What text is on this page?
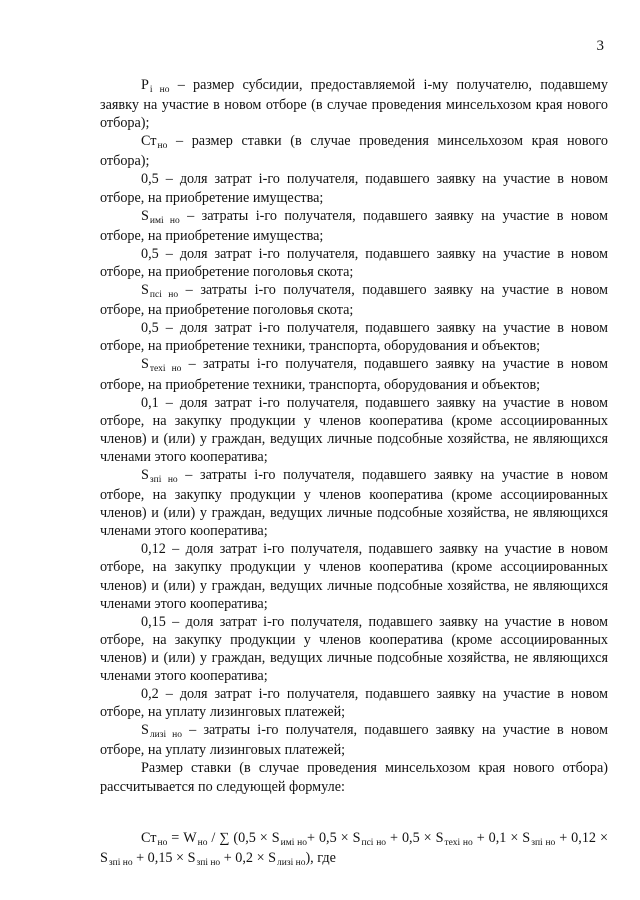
3

$P_{i но}$ – размер субсидии, предоставляемой i-му получателю, подавшему заявку на участие в новом отборе (в случае проведения минсельхозом края нового отбора);

$Ст_{но}$ – размер ставки (в случае проведения минсельхозом края нового отбора);

0,5 – доля затрат i-го получателя, подавшего заявку на участие в новом отборе, на приобретение имущества;

$S_{имі но}$ – затраты i-го получателя, подавшего заявку на участие в новом отборе, на приобретение имущества;

0,5 – доля затрат i-го получателя, подавшего заявку на участие в новом отборе, на приобретение поголовья скота;

$S_{псі но}$ – затраты i-го получателя, подавшего заявку на участие в новом отборе, на приобретение поголовья скота;

0,5 – доля затрат i-го получателя, подавшего заявку на участие в новом отборе, на приобретение техники, транспорта, оборудования и объектов;

$S_{техі но}$ – затраты i-го получателя, подавшего заявку на участие в новом отборе, на приобретение техники, транспорта, оборудования и объектов;

0,1 – доля затрат i-го получателя, подавшего заявку на участие в новом отборе, на закупку продукции у членов кооператива (кроме ассоциированных членов) и (или) у граждан, ведущих личные подсобные хозяйства, не являющихся членами этого кооператива;

$S_{зпі но}$ – затраты i-го получателя, подавшего заявку на участие в новом отборе, на закупку продукции у членов кооператива (кроме ассоциированных членов) и (или) у граждан, ведущих личные подсобные хозяйства, не являющихся членами этого кооператива;

0,12 – доля затрат i-го получателя, подавшего заявку на участие в новом отборе, на закупку продукции у членов кооператива (кроме ассоциированных членов) и (или) у граждан, ведущих личные подсобные хозяйства, не являющихся членами этого кооператива;

0,15 – доля затрат i-го получателя, подавшего заявку на участие в новом отборе, на закупку продукции у членов кооператива (кроме ассоциированных членов) и (или) у граждан, ведущих личные подсобные хозяйства, не являющихся членами этого кооператива;

0,2 – доля затрат i-го получателя, подавшего заявку на участие в новом отборе, на уплату лизинговых платежей;

$S_{лизі но}$ – затраты i-го получателя, подавшего заявку на участие в новом отборе, на уплату лизинговых платежей;

Размер ставки (в случае проведения минсельхозом края нового отбора) рассчитывается по следующей формуле:

$Ст_{но} = W_{но}$ / ∑ $(0,5 \times S_{имі но}+ 0,5 \times S_{псі но} + 0,5 \times S_{техі но} + 0,1 \times S_{зпі но} + 0,12 \times S_{зпі но} + 0,15 \times S_{зпі но} + 0,2 \times S_{лизі но})$, где
